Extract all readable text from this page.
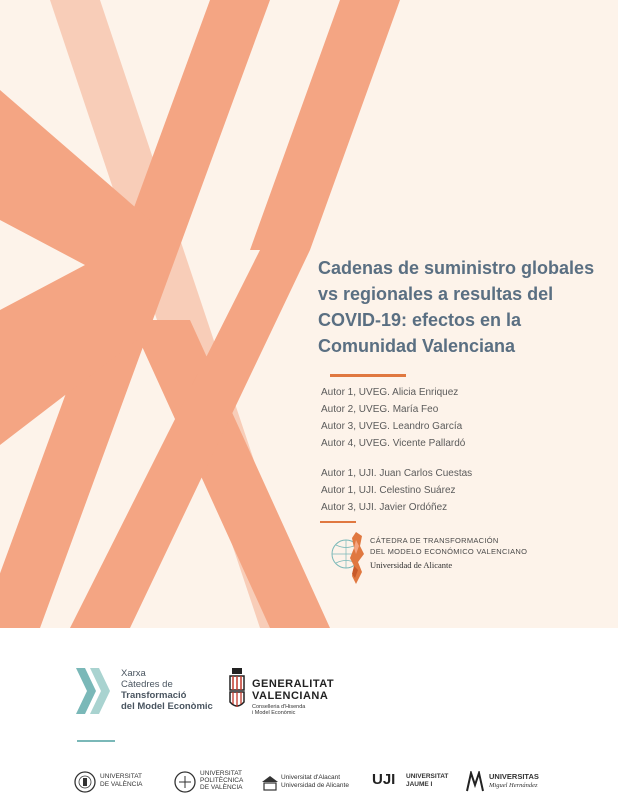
Cadenas de suministro globales
vs regionales a resultas del
COVID-19: efectos en la
Comunidad Valenciana
Autor 1, UVEG. Alicia Enriquez
Autor 2, UVEG. María Feo
Autor 3, UVEG. Leandro García
Autor 4, UVEG. Vicente Pallardó
Autor 1, UJI. Juan Carlos Cuestas
Autor 1, UJI. Celestino Suárez
Autor 3, UJI. Javier Ordóñez
CÁTEDRA DE TRANSFORMACIÓN
DEL MODELO ECONÓMICO VALENCIANO
Universidad de Alicante
Xarxa
Càtedres de
Transformació
del Model Econòmic
GENERALITAT
VALENCIANA
Conselleria d'Hisenda
i Model Econòmic
UNIVERSITAT
DE VALÈNCIA
UNIVERSITAT
POLITÈCNICA
DE VALÈNCIA
Universitat d'Alacant
Universidad de Alicante UJI UNIVERSITAT
JAUME I
UNIVERSITAS
Miguel Hernández
